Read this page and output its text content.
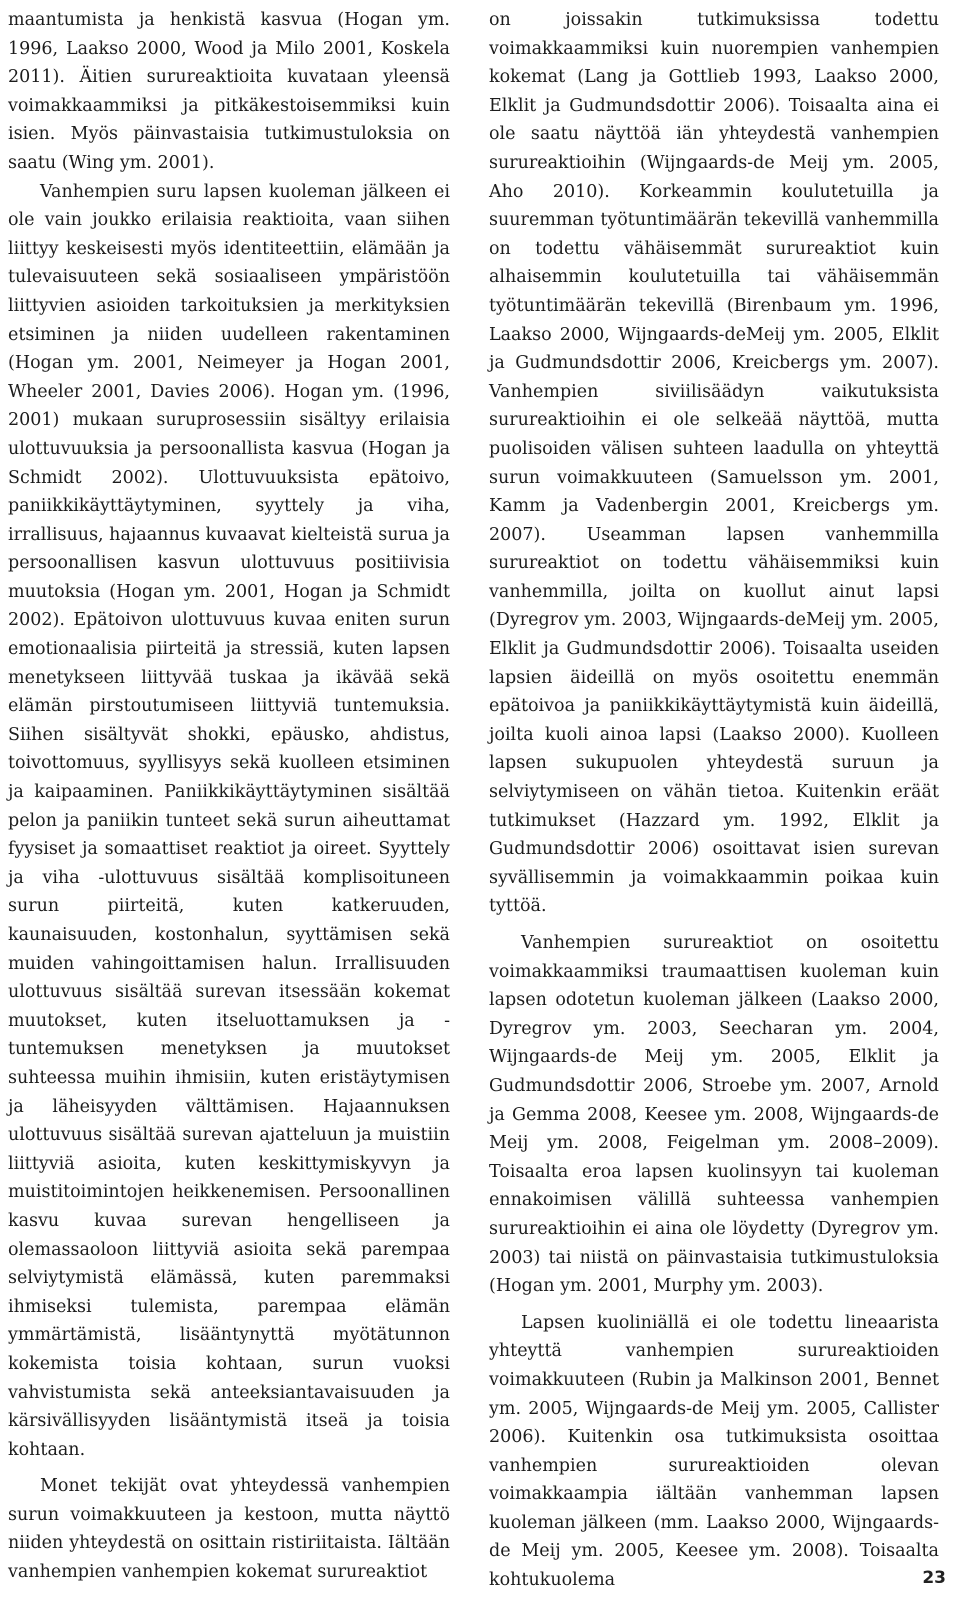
maantumista ja henkistä kasvua (Hogan ym. 1996, Laakso 2000, Wood ja Milo 2001, Koskela 2011). Äitien surureaktioita kuvataan yleensä voimakkaammiksi ja pitkäkestoisemmiksi kuin isien. Myös päinvastaisia tutkimustuloksia on saatu (Wing ym. 2001).

Vanhempien suru lapsen kuoleman jälkeen ei ole vain joukko erilaisia reaktioita, vaan siihen liittyy keskeisesti myös identiteettiin, elämään ja tulevaisuuteen sekä sosiaaliseen ympäristöön liittyvien asioiden tarkoituksien ja merkityksien etsiminen ja niiden uudelleen rakentaminen (Hogan ym. 2001, Neimeyer ja Hogan 2001, Wheeler 2001, Davies 2006). Hogan ym. (1996, 2001) mukaan suruprosessiin sisältyy erilaisia ulottuvuuksia ja persoonallista kasvua (Hogan ja Schmidt 2002). Ulottuvuuksista epätoivo, paniikkikäyttäytyminen, syyttely ja viha, irrallisuus, hajaannus kuvaavat kielteistä surua ja persoonallisen kasvun ulottuvuus positiivisia muutoksia (Hogan ym. 2001, Hogan ja Schmidt 2002). Epätoivon ulottuvuus kuvaa eniten surun emotionaalisia piirteitä ja stressiä, kuten lapsen menetykseen liittyvää tuskaa ja ikävää sekä elämän pirstoutumiseen liittyviä tuntemuksia. Siihen sisältyvät shokki, epäusko, ahdistus, toivottomuus, syyllisyys sekä kuolleen etsiminen ja kaipaaminen. Paniikkikäyttäytyminen sisältää pelon ja paniikin tunteet sekä surun aiheuttamat fyysiset ja somaattiset reaktiot ja oireet. Syyttely ja viha -ulottuvuus sisältää komplisoituneen surun piirteitä, kuten katkeruuden, kaunaisuuden, kostonhalun, syyttämisen sekä muiden vahingoittamisen halun. Irrallisuuden ulottuvuus sisältää surevan itsessään kokemat muutokset, kuten itseluottamuksen ja -tuntemuksen menetyksen ja muutokset suhteessa muihin ihmisiin, kuten eristäytymisen ja läheisyyden välttämisen. Hajaannuksen ulottuvuus sisältää surevan ajatteluun ja muistiin liittyviä asioita, kuten keskittymiskyvyn ja muistitoimintojen heikkenemisen. Persoonallinen kasvu kuvaa surevan hengelliseen ja olemassaoloon liittyviä asioita sekä parempaa selviytymistä elämässä, kuten paremmaksi ihmiseksi tulemista, parempaa elämän ymmärtämistä, lisääntynyttä myötätunnon kokemista toisia kohtaan, surun vuoksi vahvistumista sekä anteeksiantavaisuuden ja kärsivällisyyden lisääntymistä itseä ja toisia kohtaan.

Monet tekijät ovat yhteydessä vanhempien surun voimakkuuteen ja kestoon, mutta näyttö niiden yhteydestä on osittain ristiriitaista. Iältään vanhempien vanhempien kokemat surureaktiot

on joissakin tutkimuksissa todettu voimakkaammiksi kuin nuorempien vanhempien kokemat (Lang ja Gottlieb 1993, Laakso 2000, Elklit ja Gudmundsdottir 2006). Toisaalta aina ei ole saatu näyttöä iän yhteydestä vanhempien surureaktioihin (Wijngaards-de Meij ym. 2005, Aho 2010). Korkeammin koulutetuilla ja suuremman työtuntimäärän tekevillä vanhemmilla on todettu vähäisemmät surureaktiot kuin alhaisemmin koulutetuilla tai vähäisemmän työtuntimäärän tekevillä (Birenbaum ym. 1996, Laakso 2000, Wijngaards-deMeij ym. 2005, Elklit ja Gudmundsdottir 2006, Kreicbergs ym. 2007). Vanhempien siviilisäädyn vaikutuksista surureaktioihin ei ole selkeää näyttöä, mutta puolisoiden välisen suhteen laadulla on yhteyttä surun voimakkuuteen (Samuelsson ym. 2001, Kamm ja Vadenbergin 2001, Kreicbergs ym. 2007). Useamman lapsen vanhemmilla surureaktiot on todettu vähäisemmiksi kuin vanhemmilla, joilta on kuollut ainut lapsi (Dyregrov ym. 2003, Wijngaards-deMeij ym. 2005, Elklit ja Gudmundsdottir 2006). Toisaalta useiden lapsien äideillä on myös osoitettu enemmän epätoivoa ja paniikkikäyttäytymistä kuin äideillä, joilta kuoli ainoa lapsi (Laakso 2000). Kuolleen lapsen sukupuolen yhteydestä suruun ja selviytymiseen on vähän tietoa. Kuitenkin eräät tutkimukset (Hazzard ym. 1992, Elklit ja Gudmundsdottir 2006) osoittavat isien surevan syvällisemmin ja voimakkaammin poikaa kuin tyttöä.

Vanhempien surureaktiot on osoitettu voimakkaammiksi traumaattisen kuoleman kuin lapsen odotetun kuoleman jälkeen (Laakso 2000, Dyregrov ym. 2003, Seecharan ym. 2004, Wijngaards-de Meij ym. 2005, Elklit ja Gudmundsdottir 2006, Stroebe ym. 2007, Arnold ja Gemma 2008, Keesee ym. 2008, Wijngaards-de Meij ym. 2008, Feigelman ym. 2008–2009). Toisaalta eroa lapsen kuolinsyyn tai kuoleman ennakoimisen välillä suhteessa vanhempien surureaktioihin ei aina ole löydetty (Dyregrov ym. 2003) tai niistä on päinvastaisia tutkimustuloksia (Hogan ym. 2001, Murphy ym. 2003).

Lapsen kuoliniällä ei ole todettu lineaarista yhteyttä vanhempien surureaktioiden voimakkuuteen (Rubin ja Malkinson 2001, Bennet ym. 2005, Wijngaards-de Meij ym. 2005, Callister 2006). Kuitenkin osa tutkimuksista osoittaa vanhempien surureaktioiden olevan voimakkaampia iältään vanhemman lapsen kuoleman jälkeen (mm. Laakso 2000, Wijngaards-de Meij ym. 2005, Keesee ym. 2008). Toisaalta kohtukuolema	23
